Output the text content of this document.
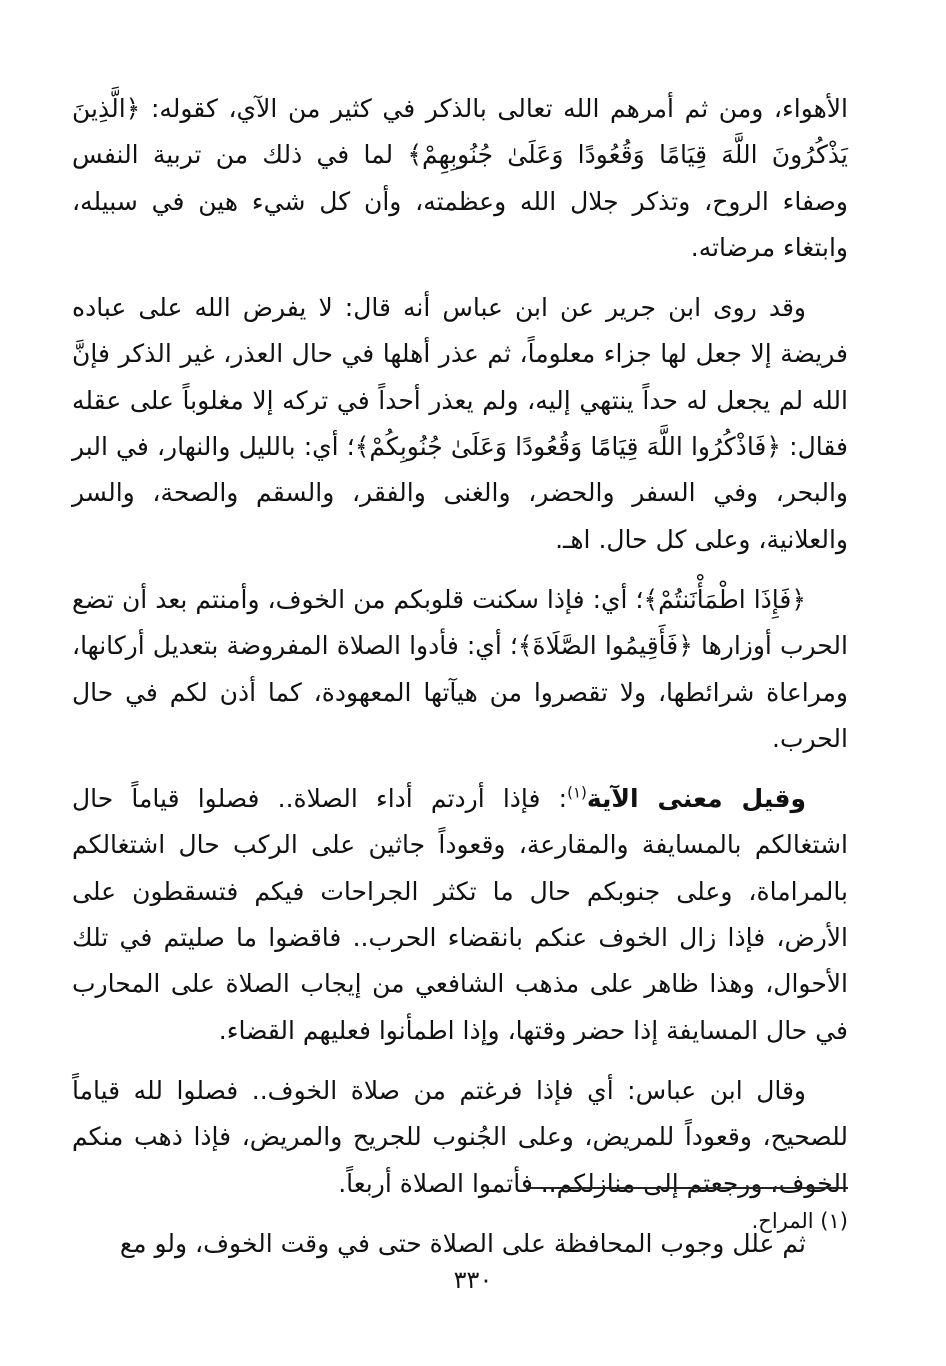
الأهواء، ومن ثم أمرهم الله تعالى بالذكر في كثير من الآي، كقوله: ﴿الَّذِينَ يَذْكُرُونَ اللَّهَ قِيَامًا وَقُعُودًا وَعَلَىٰ جُنُوبِهِمْ﴾ لما في ذلك من تربية النفس وصفاء الروح، وتذكر جلال الله وعظمته، وأن كل شيء هين في سبيله، وابتغاء مرضاته.

وقد روى ابن جرير عن ابن عباس أنه قال: لا يفرض الله على عباده فريضة إلا جعل لها جزاء معلوماً، ثم عذر أهلها في حال العذر، غير الذكر فإنَّ الله لم يجعل له حداً ينتهي إليه، ولم يعذر أحداً في تركه إلا مغلوباً على عقله فقال: ﴿فَاذْكُرُوا اللَّهَ قِيَامًا وَقُعُودًا وَعَلَىٰ جُنُوبِكُمْ﴾؛ أي: بالليل والنهار، في البر والبحر، وفي السفر والحضر، والغنى والفقر، والسقم والصحة، والسر والعلانية، وعلى كل حال. اهـ.

﴿فَإِذَا اطْمَأْنَنتُمْ﴾؛ أي: فإذا سكنت قلوبكم من الخوف، وأمنتم بعد أن تضع الحرب أوزارها ﴿فَأَقِيمُوا الصَّلَاةَ﴾؛ أي: فأدوا الصلاة المفروضة بتعديل أركانها، ومراعاة شرائطها، ولا تقصروا من هيآتها المعهودة، كما أذن لكم في حال الحرب.

وقيل معنى الآية$^{(١)}$: فإذا أردتم أداء الصلاة.. فصلوا قياماً حال اشتغالكم بالمسايفة والمقارعة، وقعوداً جاثين على الركب حال اشتغالكم بالمراماة، وعلى جنوبكم حال ما تكثر الجراحات فيكم فتسقطون على الأرض، فإذا زال الخوف عنكم بانقضاء الحرب.. فاقضوا ما صليتم في تلك الأحوال، وهذا ظاهر على مذهب الشافعي من إيجاب الصلاة على المحارب في حال المسايفة إذا حضر وقتها، وإذا اطمأنوا فعليهم القضاء.

وقال ابن عباس: أي فإذا فرغتم من صلاة الخوف.. فصلوا لله قياماً للصحيح، وقعوداً للمريض، وعلى الجُنوب للجريح والمريض، فإذا ذهب منكم الخوف، ورجعتم إلى منازلكم.. فأتموا الصلاة أربعاً.

ثم علل وجوب المحافظة على الصلاة حتى في وقت الخوف، ولو مع

(١) المراح.
٣٣٠
